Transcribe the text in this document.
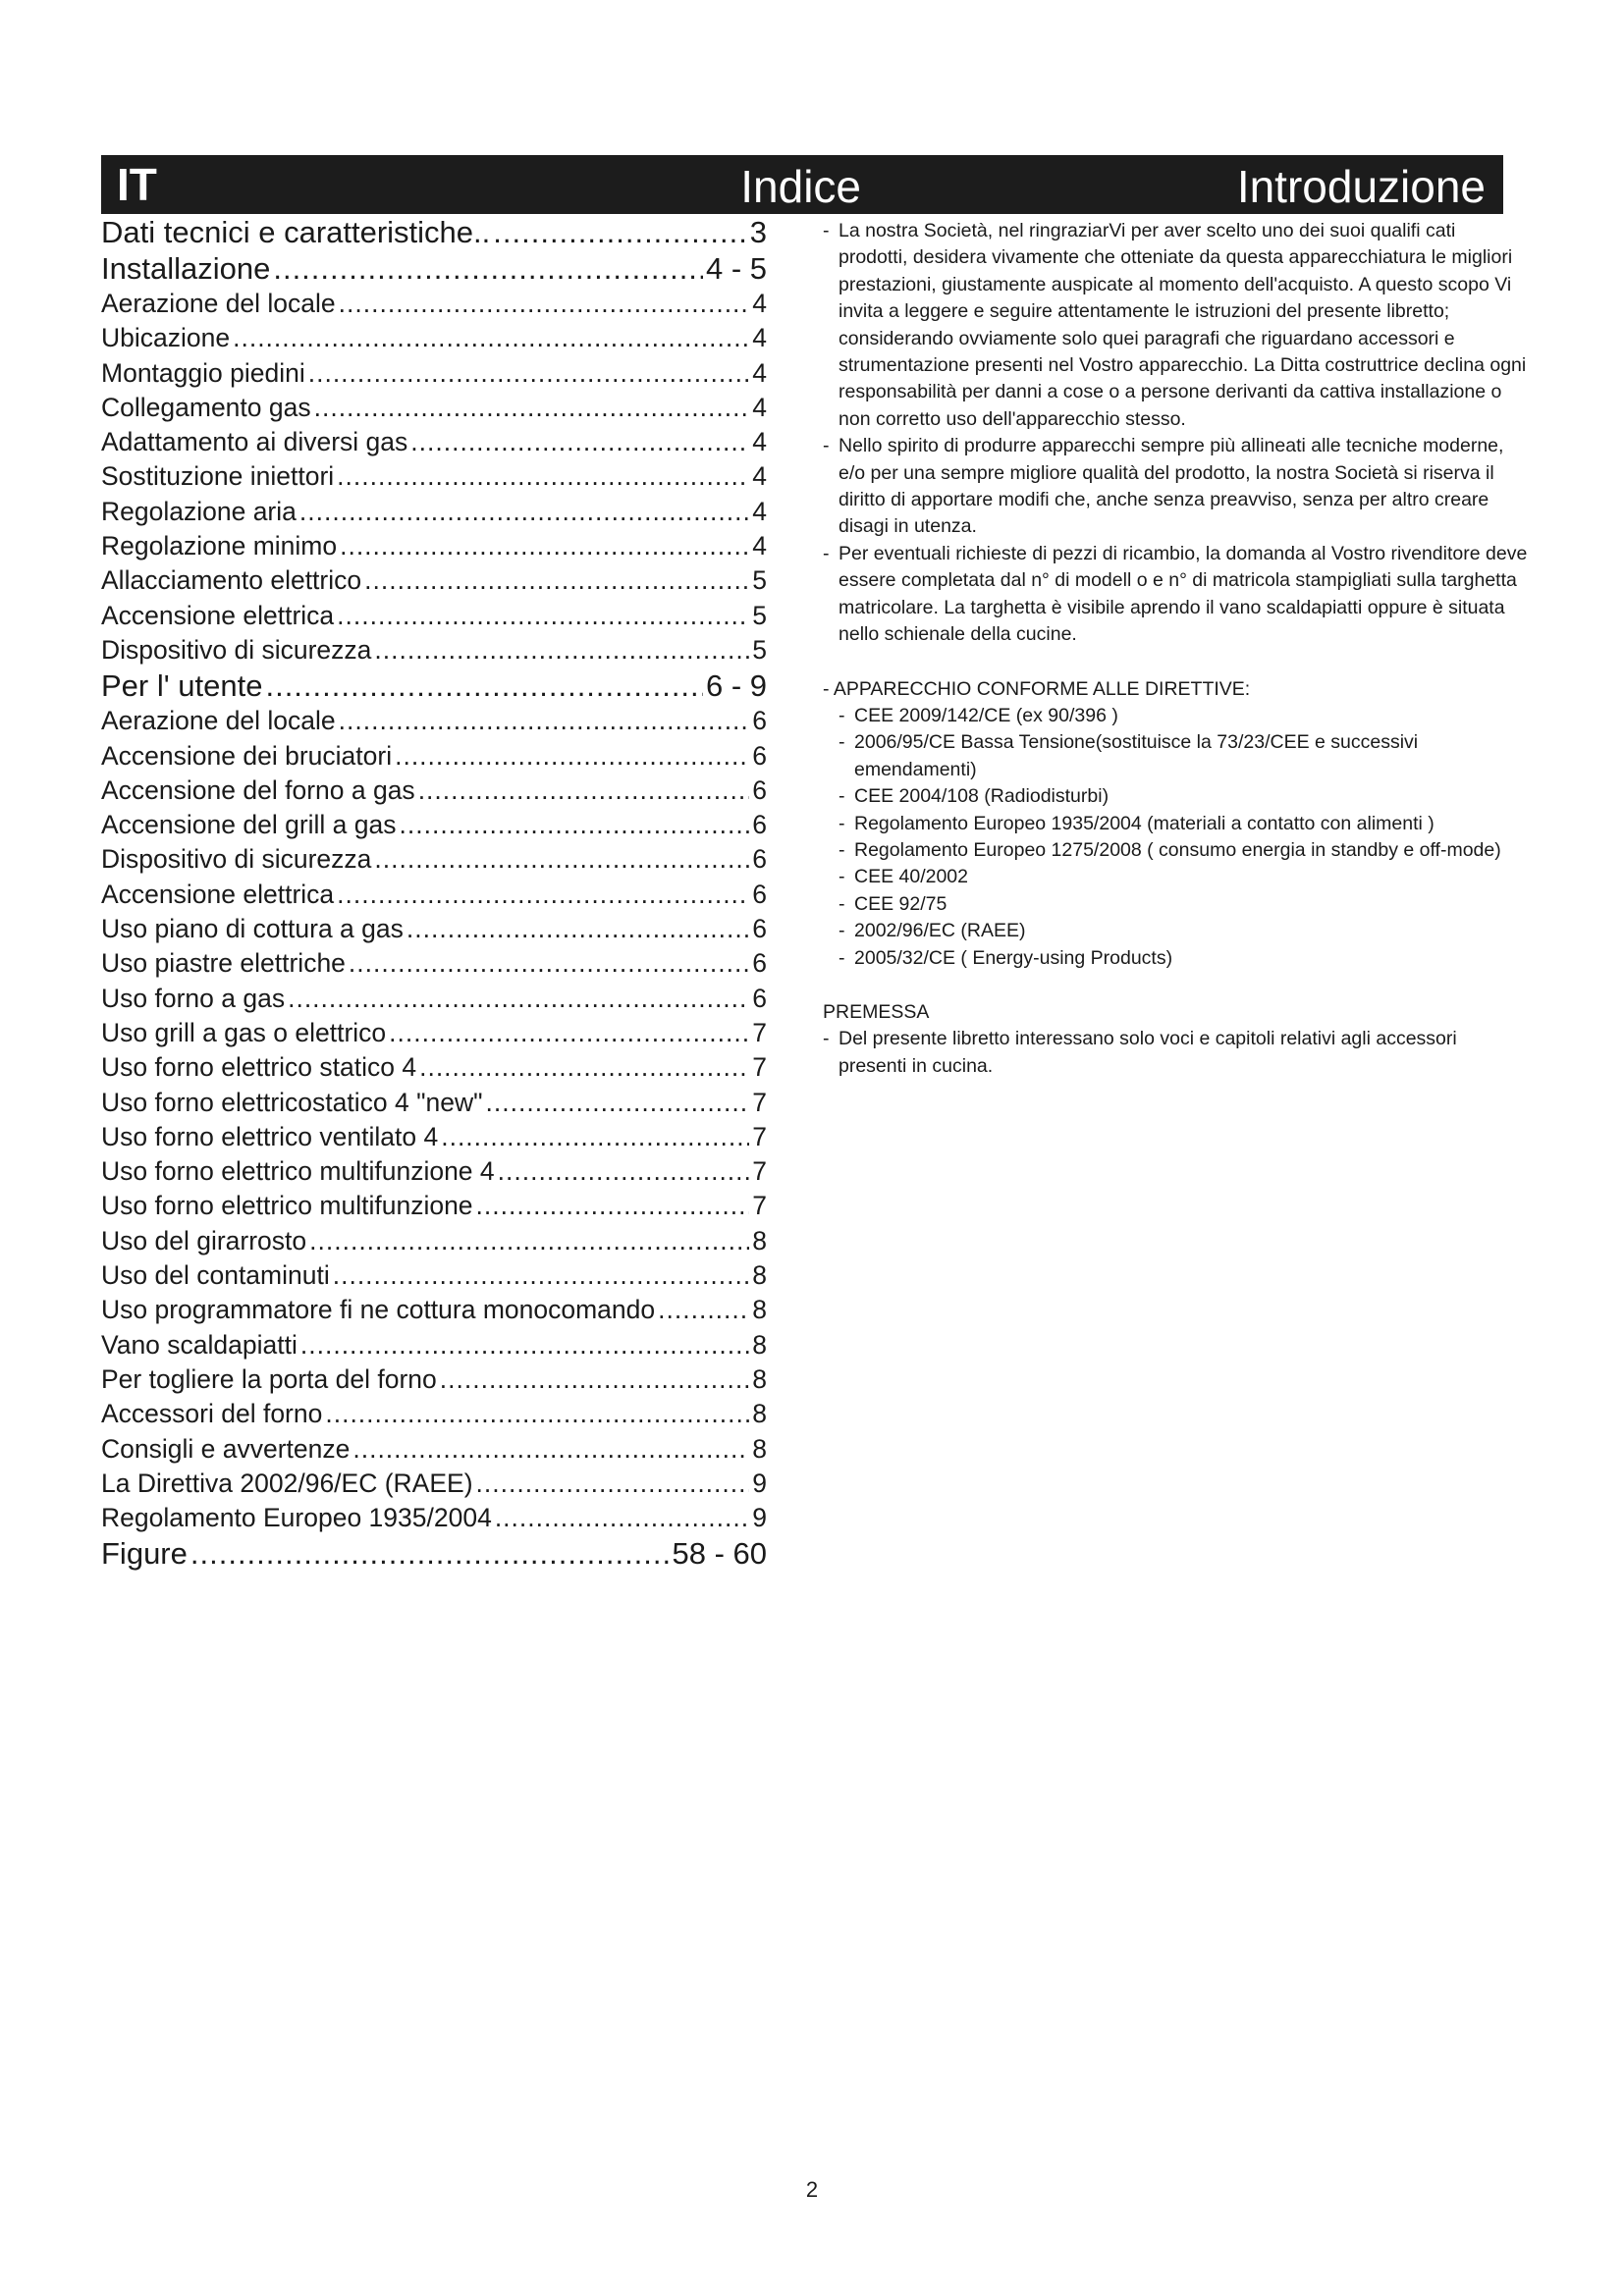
IT	Indice	Introduzione
Dati tecnici e caratteristiche.. .....	3
Installazione .....	4 - 5
Aerazione del locale .....	4
Ubicazione .....	4
Montaggio piedini .....	4
Collegamento gas .....	4
Adattamento ai diversi gas .....	4
Sostituzione iniettori .....	4
Regolazione aria .....	4
Regolazione minimo .....	4
Allacciamento elettrico .....	5
Accensione elettrica .....	5
Dispositivo di sicurezza .....	5
Per l' utente .....	6 - 9
Aerazione del locale .....	6
Accensione dei bruciatori .....	6
Accensione del forno a gas .....	6
Accensione del grill a gas .....	6
Dispositivo di sicurezza .....	6
Accensione elettrica .....	6
Uso piano di cottura a gas .....	6
Uso piastre elettriche .....	6
Uso forno a gas .....	6
Uso grill a gas o elettrico .....	7
Uso forno elettrico statico 4 .....	7
Uso forno elettricostatico 4 "new" .....	7
Uso forno elettrico ventilato 4 .....	7
Uso forno elettrico multifunzione 4 .....	7
Uso forno elettrico multifunzione .....	7
Uso del girarrosto .....	8
Uso del contaminuti .....	8
Uso programmatore fi ne cottura monocomando .....	8
Vano scaldapiatti .....	8
Per togliere la porta del forno .....	8
Accessori del forno .....	8
Consigli e avvertenze .....	8
La Direttiva 2002/96/EC (RAEE) .....	9
Regolamento Europeo 1935/2004 .....	9
Figure .....	58 - 60

- La nostra Società, nel ringraziarVi per aver scelto uno dei suoi qualifi cati prodotti, desidera vivamente che otteniate da questa apparecchiatura le migliori prestazioni, giustamente auspicate al momento dell'acquisto. A questo scopo Vi invita a leggere e seguire attentamente le istruzioni del presente libretto; considerando ovviamente solo quei paragrafi che riguardano accessori e strumentazione presenti nel Vostro apparecchio. La Ditta costruttrice declina ogni responsabilità per danni a cose o a persone derivanti da cattiva installazione o non corretto uso dell'apparecchio stesso.

- Nello spirito di produrre apparecchi sempre più allineati alle tecniche moderne, e/o per una sempre migliore qualità del prodotto, la nostra Società si riserva il diritto di apportare modifi che, anche senza preavviso, senza per altro creare disagi in utenza.

- Per eventuali richieste di pezzi di ricambio, la domanda al Vostro rivenditore deve essere completata dal n° di modell o e n° di matricola stampigliati sulla targhetta matricolare. La targhetta è visibile aprendo il vano scaldapiatti oppure è situata nello schienale della cucine.

- APPARECCHIO CONFORME ALLE DIRETTIVE:

- CEE 2009/142/CE (ex 90/396 )

- 2006/95/CE Bassa Tensione(sostituisce la 73/23/CEE e successivi emendamenti)

- CEE 2004/108 (Radiodisturbi)

- Regolamento Europeo 1935/2004 (materiali a contatto con alimenti )

- Regolamento Europeo 1275/2008 ( consumo energia in standby e off-mode)

- CEE 40/2002

- CEE 92/75

- 2002/96/EC (RAEE)

- 2005/32/CE ( Energy-using Products)

PREMESSA

- Del presente libretto interessano solo voci e capitoli relativi agli accessori presenti in cucina.

2
